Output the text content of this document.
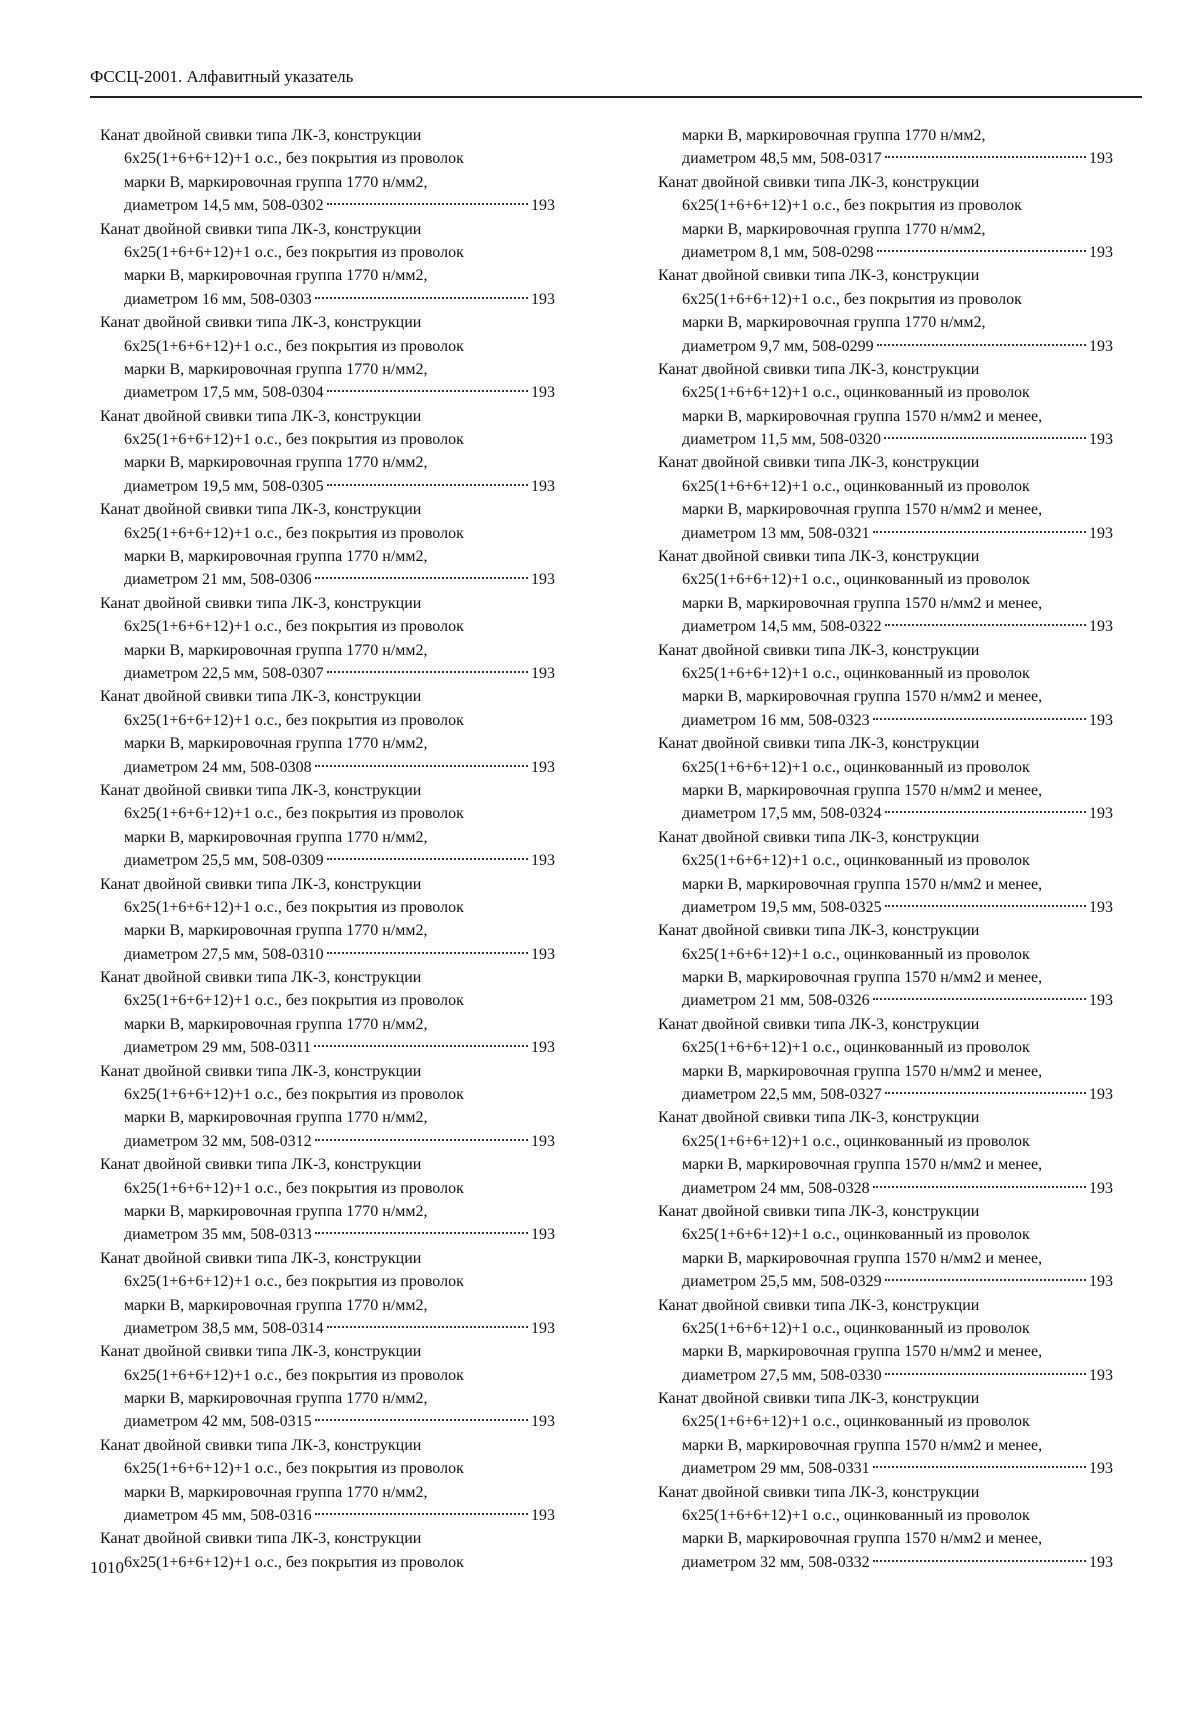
ФССЦ-2001. Алфавитный указатель
Канат двойной свивки типа ЛК-3, конструкции
6х25(1+6+6+12)+1 о.с., без покрытия из проволок
марки В, маркировочная группа 1770 н/мм2,
диаметром 14,5 мм, 508-0302	193
Канат двойной свивки типа ЛК-3, конструкции
6х25(1+6+6+12)+1 о.с., без покрытия из проволок
марки В, маркировочная группа 1770 н/мм2,
диаметром 16 мм, 508-0303	193
Канат двойной свивки типа ЛК-3, конструкции
6х25(1+6+6+12)+1 о.с., без покрытия из проволок
марки В, маркировочная группа 1770 н/мм2,
диаметром 17,5 мм, 508-0304	193
Канат двойной свивки типа ЛК-3, конструкции
6х25(1+6+6+12)+1 о.с., без покрытия из проволок
марки В, маркировочная группа 1770 н/мм2,
диаметром 19,5 мм, 508-0305	193
Канат двойной свивки типа ЛК-3, конструкции
6х25(1+6+6+12)+1 о.с., без покрытия из проволок
марки В, маркировочная группа 1770 н/мм2,
диаметром 21 мм, 508-0306	193
Канат двойной свивки типа ЛК-3, конструкции
6х25(1+6+6+12)+1 о.с., без покрытия из проволок
марки В, маркировочная группа 1770 н/мм2,
диаметром 22,5 мм, 508-0307	193
Канат двойной свивки типа ЛК-3, конструкции
6х25(1+6+6+12)+1 о.с., без покрытия из проволок
марки В, маркировочная группа 1770 н/мм2,
диаметром 24 мм, 508-0308	193
Канат двойной свивки типа ЛК-3, конструкции
6х25(1+6+6+12)+1 о.с., без покрытия из проволок
марки В, маркировочная группа 1770 н/мм2,
диаметром 25,5 мм, 508-0309	193
Канат двойной свивки типа ЛК-3, конструкции
6х25(1+6+6+12)+1 о.с., без покрытия из проволок
марки В, маркировочная группа 1770 н/мм2,
диаметром 27,5 мм, 508-0310	193
Канат двойной свивки типа ЛК-3, конструкции
6х25(1+6+6+12)+1 о.с., без покрытия из проволок
марки В, маркировочная группа 1770 н/мм2,
диаметром 29 мм, 508-0311	193
Канат двойной свивки типа ЛК-3, конструкции
6х25(1+6+6+12)+1 о.с., без покрытия из проволок
марки В, маркировочная группа 1770 н/мм2,
диаметром 32 мм, 508-0312	193
Канат двойной свивки типа ЛК-3, конструкции
6х25(1+6+6+12)+1 о.с., без покрытия из проволок
марки В, маркировочная группа 1770 н/мм2,
диаметром 35 мм, 508-0313	193
Канат двойной свивки типа ЛК-3, конструкции
6х25(1+6+6+12)+1 о.с., без покрытия из проволок
марки В, маркировочная группа 1770 н/мм2,
диаметром 38,5 мм, 508-0314	193
Канат двойной свивки типа ЛК-3, конструкции
6х25(1+6+6+12)+1 о.с., без покрытия из проволок
марки В, маркировочная группа 1770 н/мм2,
диаметром 42 мм, 508-0315	193
Канат двойной свивки типа ЛК-3, конструкции
6х25(1+6+6+12)+1 о.с., без покрытия из проволок
марки В, маркировочная группа 1770 н/мм2,
диаметром 45 мм, 508-0316	193
Канат двойной свивки типа ЛК-3, конструкции
6х25(1+6+6+12)+1 о.с., без покрытия из проволок
марки В, маркировочная группа 1770 н/мм2,
диаметром 48,5 мм, 508-0317	193
Канат двойной свивки типа ЛК-3, конструкции
6х25(1+6+6+12)+1 о.с., без покрытия из проволок
марки В, маркировочная группа 1770 н/мм2,
диаметром 8,1 мм, 508-0298	193
Канат двойной свивки типа ЛК-3, конструкции
6х25(1+6+6+12)+1 о.с., без покрытия из проволок
марки В, маркировочная группа 1770 н/мм2,
диаметром 9,7 мм, 508-0299	193
Канат двойной свивки типа ЛК-3, конструкции
6х25(1+6+6+12)+1 о.с., оцинкованный из проволок
марки В, маркировочная группа 1570 н/мм2 и менее,
диаметром 11,5 мм, 508-0320	193
Канат двойной свивки типа ЛК-3, конструкции
6х25(1+6+6+12)+1 о.с., оцинкованный из проволок
марки В, маркировочная группа 1570 н/мм2 и менее,
диаметром 13 мм, 508-0321	193
Канат двойной свивки типа ЛК-3, конструкции
6х25(1+6+6+12)+1 о.с., оцинкованный из проволок
марки В, маркировочная группа 1570 н/мм2 и менее,
диаметром 14,5 мм, 508-0322	193
Канат двойной свивки типа ЛК-3, конструкции
6х25(1+6+6+12)+1 о.с., оцинкованный из проволок
марки В, маркировочная группа 1570 н/мм2 и менее,
диаметром 16 мм, 508-0323	193
Канат двойной свивки типа ЛК-3, конструкции
6х25(1+6+6+12)+1 о.с., оцинкованный из проволок
марки В, маркировочная группа 1570 н/мм2 и менее,
диаметром 17,5 мм, 508-0324	193
Канат двойной свивки типа ЛК-3, конструкции
6х25(1+6+6+12)+1 о.с., оцинкованный из проволок
марки В, маркировочная группа 1570 н/мм2 и менее,
диаметром 19,5 мм, 508-0325	193
Канат двойной свивки типа ЛК-3, конструкции
6х25(1+6+6+12)+1 о.с., оцинкованный из проволок
марки В, маркировочная группа 1570 н/мм2 и менее,
диаметром 21 мм, 508-0326	193
Канат двойной свивки типа ЛК-3, конструкции
6х25(1+6+6+12)+1 о.с., оцинкованный из проволок
марки В, маркировочная группа 1570 н/мм2 и менее,
диаметром 22,5 мм, 508-0327	193
Канат двойной свивки типа ЛК-3, конструкции
6х25(1+6+6+12)+1 о.с., оцинкованный из проволок
марки В, маркировочная группа 1570 н/мм2 и менее,
диаметром 24 мм, 508-0328	193
Канат двойной свивки типа ЛК-3, конструкции
6х25(1+6+6+12)+1 о.с., оцинкованный из проволок
марки В, маркировочная группа 1570 н/мм2 и менее,
диаметром 25,5 мм, 508-0329	193
Канат двойной свивки типа ЛК-3, конструкции
6х25(1+6+6+12)+1 о.с., оцинкованный из проволок
марки В, маркировочная группа 1570 н/мм2 и менее,
диаметром 27,5 мм, 508-0330	193
Канат двойной свивки типа ЛК-3, конструкции
6х25(1+6+6+12)+1 о.с., оцинкованный из проволок
марки В, маркировочная группа 1570 н/мм2 и менее,
диаметром 29 мм, 508-0331	193
Канат двойной свивки типа ЛК-3, конструкции
6х25(1+6+6+12)+1 о.с., оцинкованный из проволок
марки В, маркировочная группа 1570 н/мм2 и менее,
диаметром 32 мм, 508-0332	193
1010
